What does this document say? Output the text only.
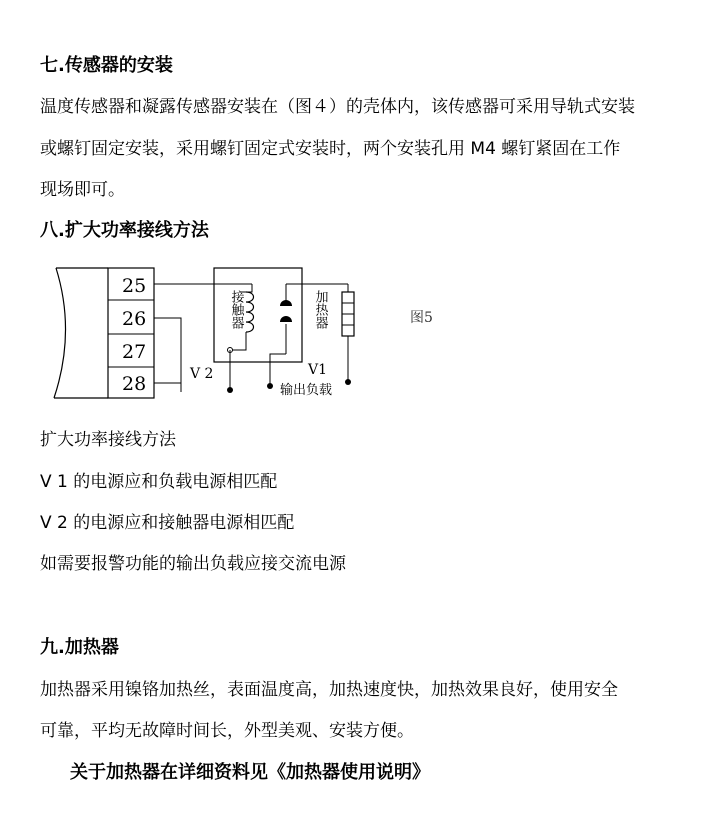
七.传感器的安装
温度传感器和凝露传感器安装在（图４）的壳体内，该传感器可采用导轨式安装
或螺钉固定安装，采用螺钉固定式安装时，两个安装孔用 M4 螺钉紧固在工作
现场即可。
八.扩大功率接线方法
25
26
27
28	V 2
接触器
输出负载
V1
加热器	图5
扩大功率接线方法
V 1 的电源应和负载电源相匹配
V 2 的电源应和接触器电源相匹配
如需要报警功能的输出负载应接交流电源
九.加热器
加热器采用镍铬加热丝，表面温度高，加热速度快，加热效果良好，使用安全
可靠，平均无故障时间长，外型美观、安装方便。
关于加热器在详细资料见《加热器使用说明》
